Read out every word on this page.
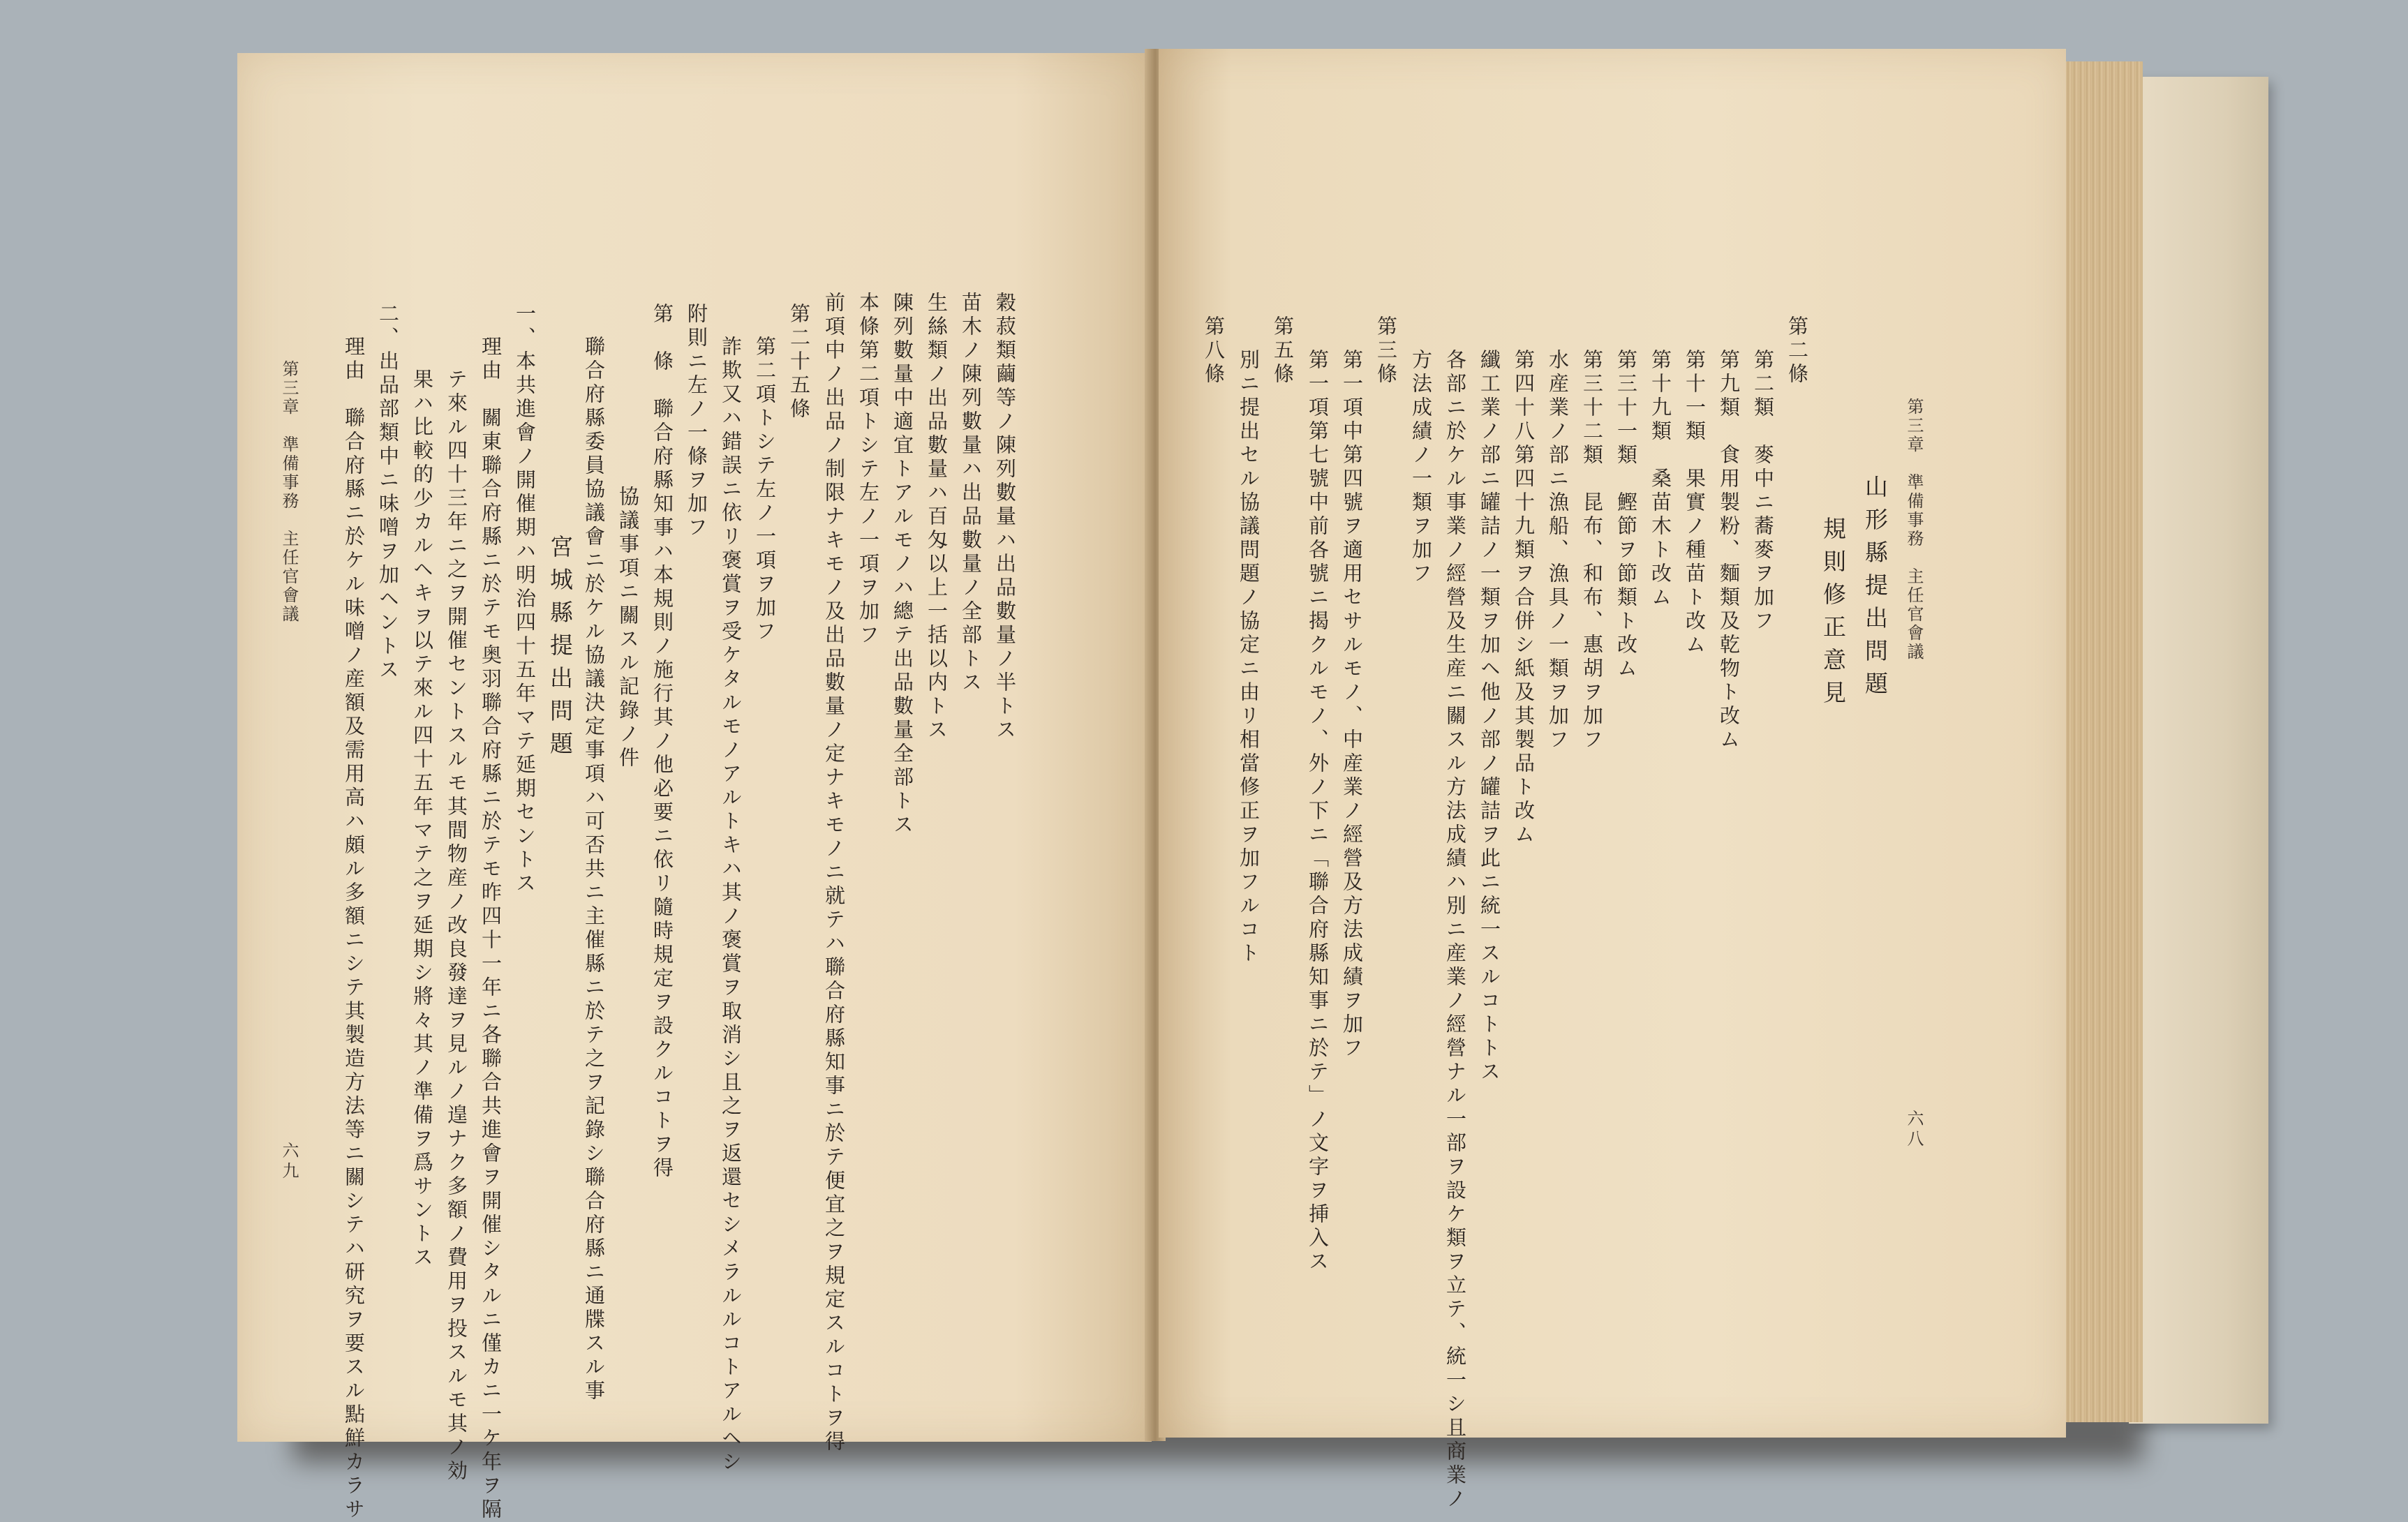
穀菽類繭等ノ陳列數量ハ出品數量ノ半トス
苗木ノ陳列數量ハ出品數量ノ全部トス
生絲類ノ出品數量ハ百匁以上一括以内トス
陳列數量中適宜トアルモノハ總テ出品數量全部トス
本條第二項トシテ左ノ一項ヲ加フ
前項中ノ出品ノ制限ナキモノ及出品數量ノ定ナキモノニ就テハ聯合府縣知事ニ於テ便宜之ヲ規定スルコトヲ得
第二十五條
第二項トシテ左ノ一項ヲ加フ
詐欺又ハ錯誤ニ依リ褒賞ヲ受ケタルモノアルトキハ其ノ褒賞ヲ取消シ且之ヲ返還セシメラルルコトアルヘシ
附則ニ左ノ一條ヲ加フ
第　條　聯合府縣知事ハ本規則ノ施行其ノ他必要ニ依リ隨時規定ヲ設クルコトヲ得
協議事項ニ關スル記錄ノ件
聯合府縣委員協議會ニ於ケル協議決定事項ハ可否共ニ主催縣ニ於テ之ヲ記錄シ聯合府縣ニ通牒スル事
宮城縣提出問題
一、本共進會ノ開催期ハ明治四十五年マテ延期セントス
理由　關東聯合府縣ニ於テモ奥羽聯合府縣ニ於テモ昨四十一年ニ各聯合共進會ヲ開催シタルニ僅カニ一ケ年ヲ隔
テ來ル四十三年ニ之ヲ開催セントスルモ其間物産ノ改良發達ヲ見ルノ遑ナク多額ノ費用ヲ投スルモ其ノ効
果ハ比較的少カルヘキヲ以テ來ル四十五年マテ之ヲ延期シ將々其ノ準備ヲ爲サントス
二、出品部類中ニ味噌ヲ加ヘントス
理由　聯合府縣ニ於ケル味噌ノ産額及需用高ハ頗ル多額ニシテ其製造方法等ニ關シテハ研究ヲ要スル點鮮カラサ
第三章　準備事務　主任官會議
六九
第三章　準備事務　主任官會議
六八
山形縣提出問題
規則修正意見
第二條
第二類　麥中ニ蕎麥ヲ加フ
第九類　食用製粉、麵類及乾物ト改ム
第十一類　果實ノ種苗ト改ム
第十九類　桑苗木ト改ム
第三十一類　鰹節ヲ節類ト改ム
第三十二類　昆布、和布、惠胡ヲ加フ
水産業ノ部ニ漁船、漁具ノ一類ヲ加フ
第四十八第四十九類ヲ合併シ紙及其製品ト改ム
纖工業ノ部ニ罐詰ノ一類ヲ加ヘ他ノ部ノ罐詰ヲ此ニ統一スルコトトス
各部ニ於ケル事業ノ經營及生産ニ關スル方法成績ハ別ニ産業ノ經營ナル一部ヲ設ケ類ヲ立テ、統一シ且商業ノ
方法成績ノ一類ヲ加フ
第三條
第一項中第四號ヲ適用セサルモノ、中産業ノ經營及方法成績ヲ加フ
第一項第七號中前各號ニ揭クルモノ、外ノ下ニ「聯合府縣知事ニ於テ」ノ文字ヲ挿入ス
第五條
別ニ提出セル協議問題ノ協定ニ由リ相當修正ヲ加フルコト
第八條
